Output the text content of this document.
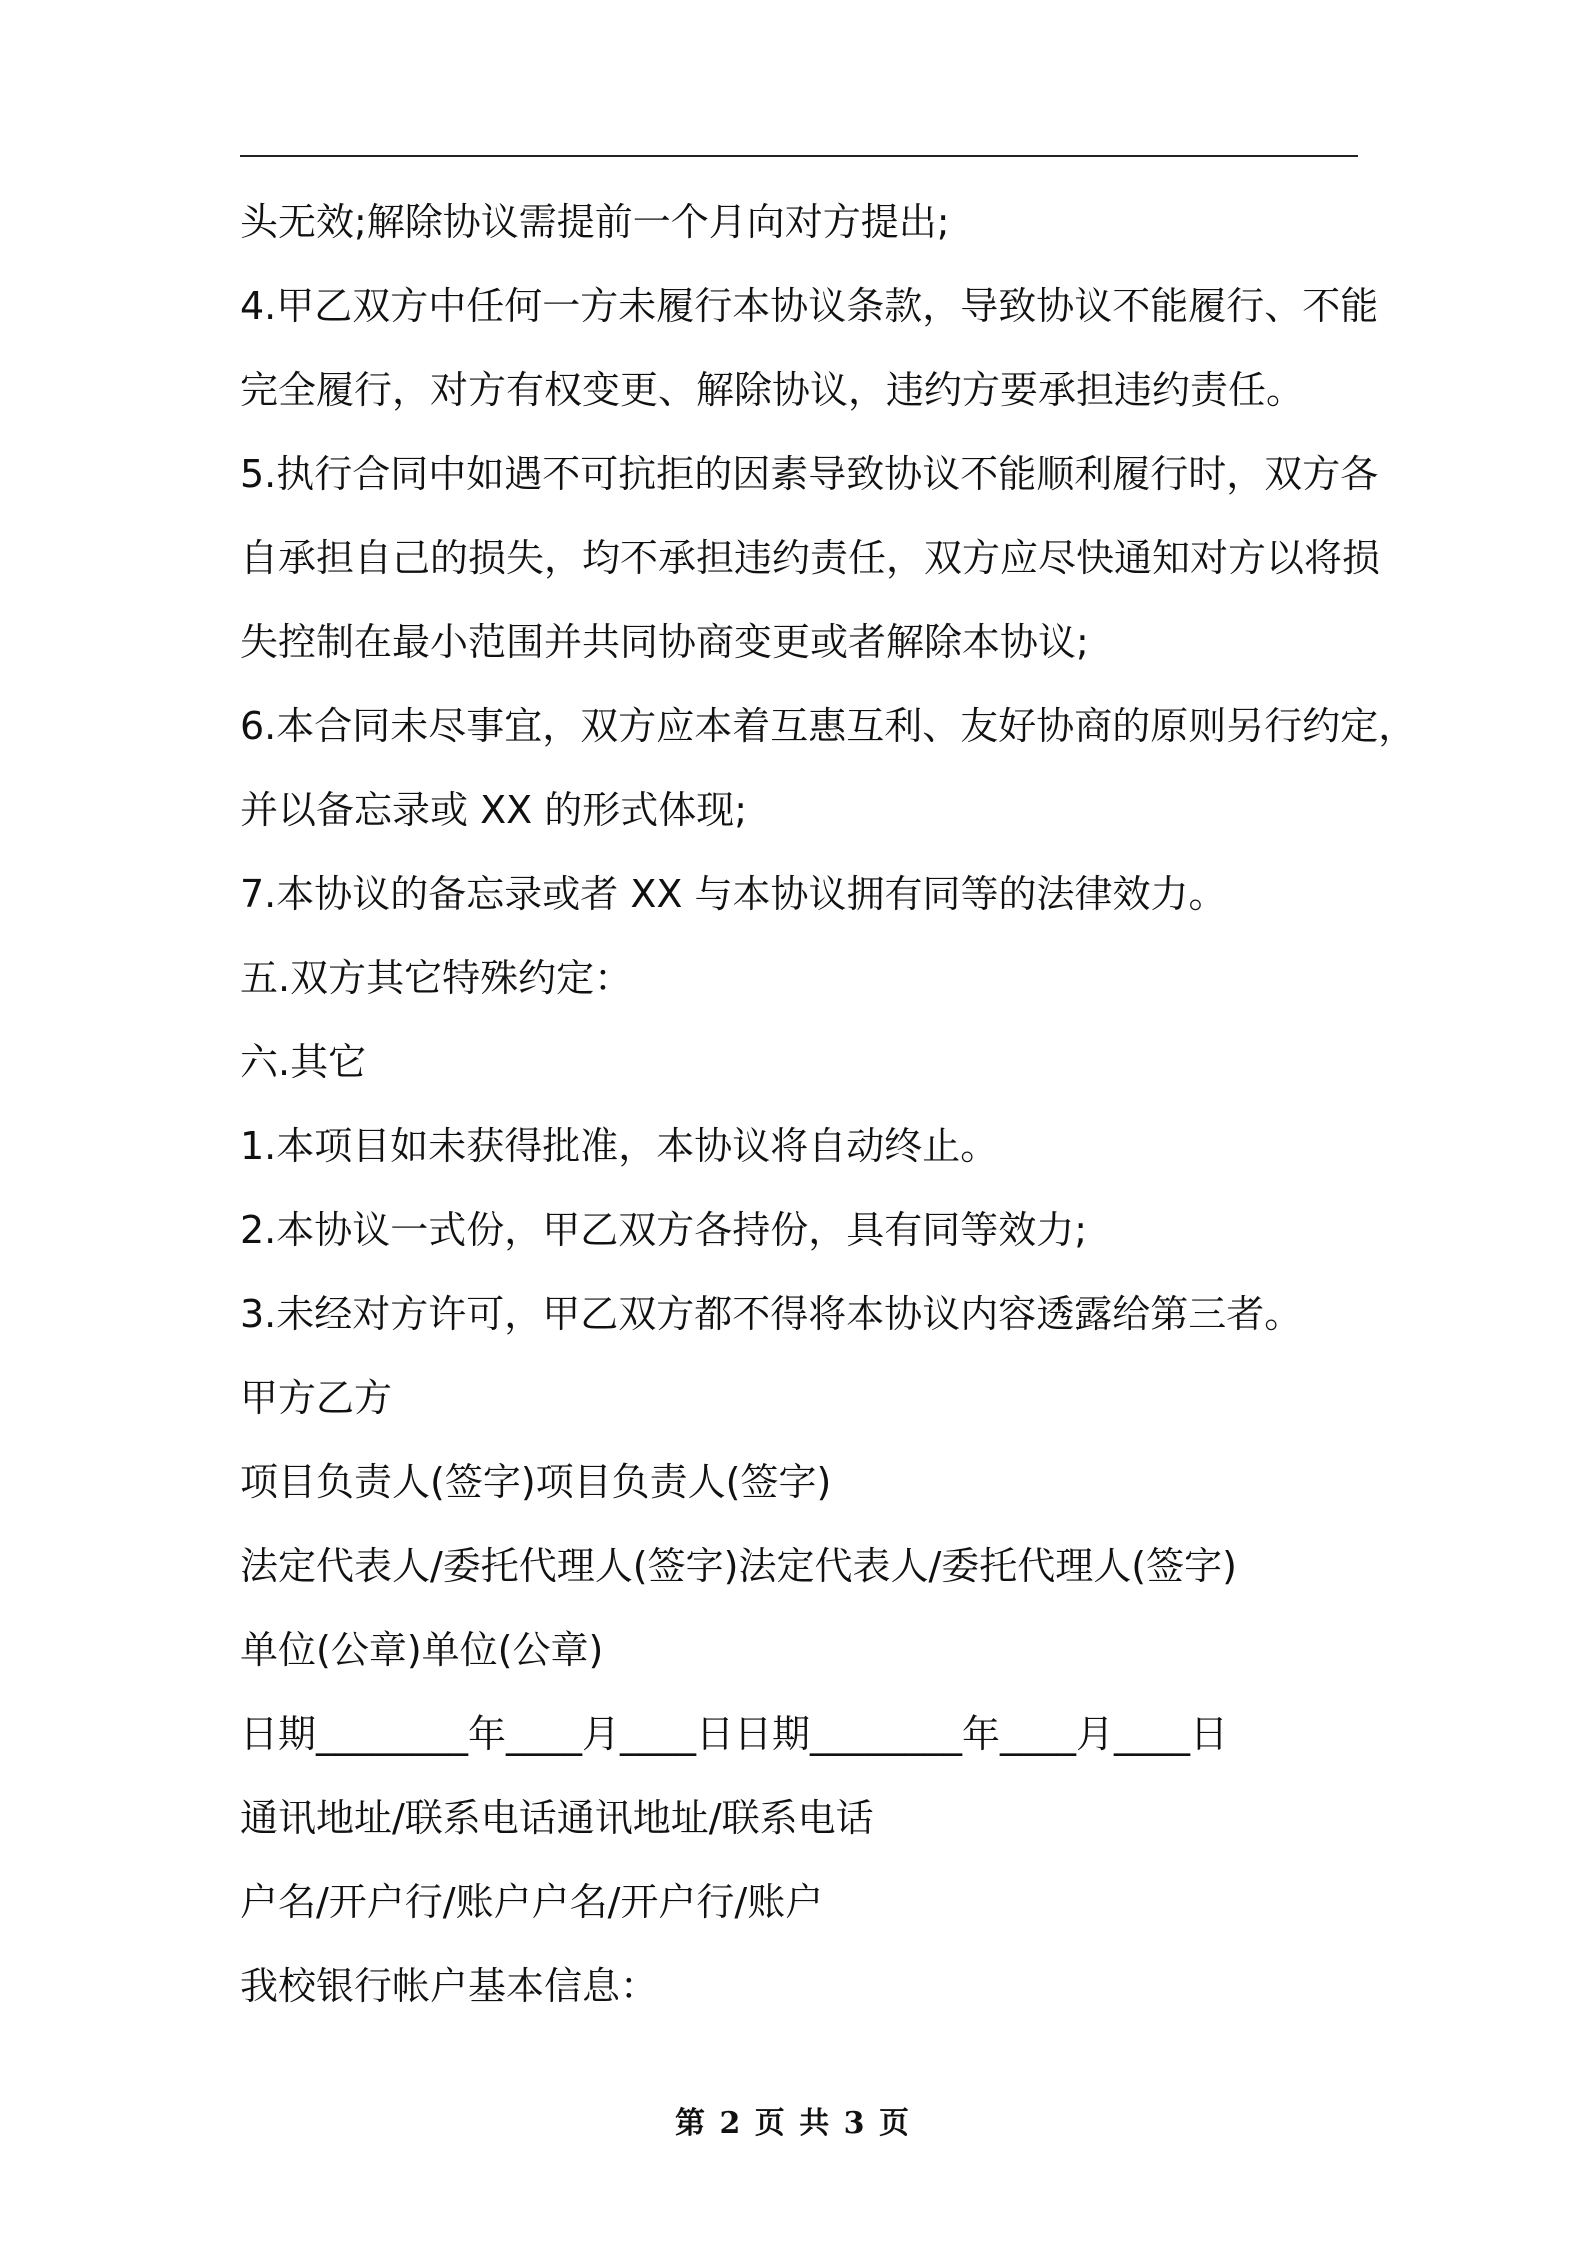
头无效;解除协议需提前一个月向对方提出;
4.甲乙双方中任何一方未履行本协议条款，导致协议不能履行、不能
完全履行，对方有权变更、解除协议，违约方要承担违约责任。
5.执行合同中如遇不可抗拒的因素导致协议不能顺利履行时，双方各
自承担自己的损失，均不承担违约责任，双方应尽快通知对方以将损
失控制在最小范围并共同协商变更或者解除本协议;
6.本合同未尽事宜，双方应本着互惠互利、友好协商的原则另行约定，
并以备忘录或 XX 的形式体现;
7.本协议的备忘录或者 XX 与本协议拥有同等的法律效力。
五.双方其它特殊约定：
六.其它
1.本项目如未获得批准，本协议将自动终止。
2.本协议一式份，甲乙双方各持份，具有同等效力;
3.未经对方许可，甲乙双方都不得将本协议内容透露给第三者。
甲方乙方
项目负责人(签字)项目负责人(签字)
法定代表人/委托代理人(签字)法定代表人/委托代理人(签字)
单位(公章)单位(公章)
日期________年____月____日日期________年____月____日
通讯地址/联系电话通讯地址/联系电话
户名/开户行/账户户名/开户行/账户
我校银行帐户基本信息：
第 2 页 共 3 页
